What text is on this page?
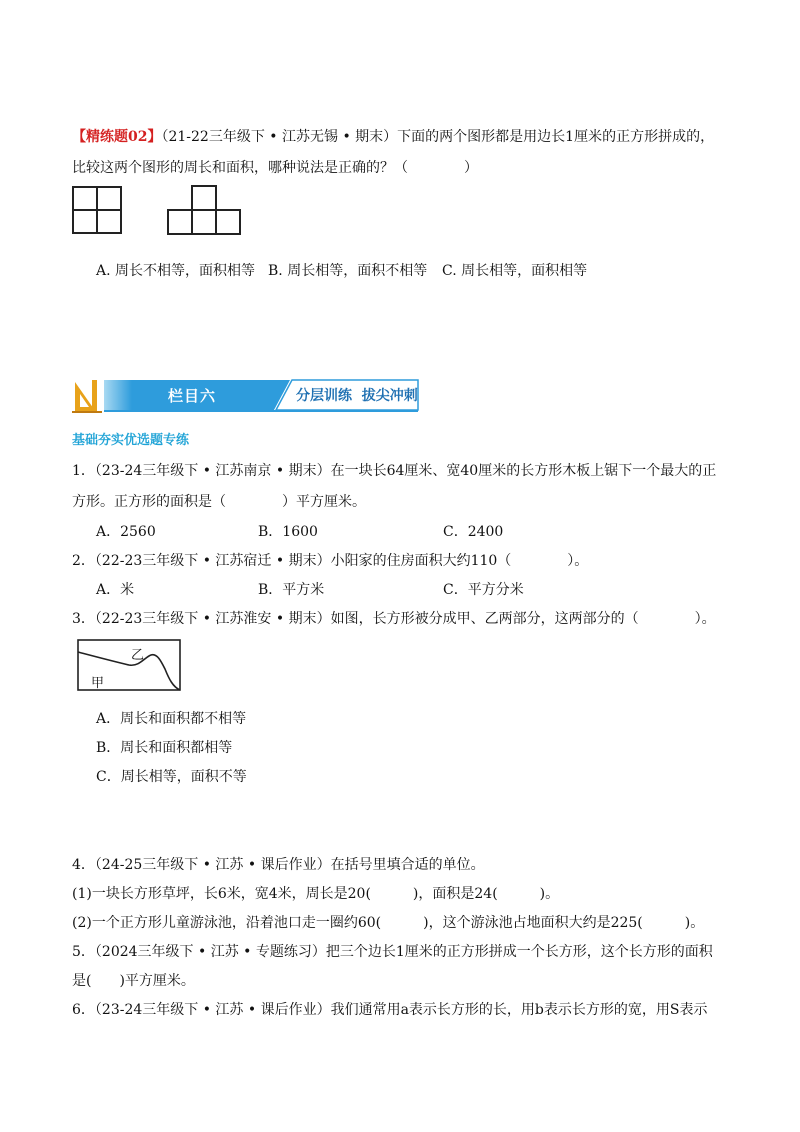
【精练题02】（21-22三年级下 • 江苏无锡 • 期末）下面的两个图形都是用边长1厘米的正方形拼成的，
比较这两个图形的周长和面积，哪种说法是正确的？（　　　　）
A. 周长不相等，面积相等 B. 周长相等，面积不相等 C. 周长相等，面积相等
栏目六	分层训练  拔尖冲刺
基础夯实优选题专练
1．（23-24三年级下 • 江苏南京 • 期末）在一块长64厘米、宽40厘米的长方形木板上锯下一个最大的正
方形。正方形的面积是（　　　　）平方厘米。
A．2560	B．1600	C．2400
2．（22-23三年级下 • 江苏宿迁 • 期末）小阳家的住房面积大约110（　　　　）。
A．米	B．平方米	C．平方分米
3．（22-23三年级下 • 江苏淮安 • 期末）如图，长方形被分成甲、乙两部分，这两部分的（　　　　）。
乙
甲
A．周长和面积都不相等
B．周长和面积都相等
C．周长相等，面积不等
4．（24-25三年级下 • 江苏 • 课后作业）在括号里填合适的单位。
(1)一块长方形草坪，长6米，宽4米，周长是20(　　　)，面积是24(　　　)。
(2)一个正方形儿童游泳池，沿着池口走一圈约60(　　　)，这个游泳池占地面积大约是225(　　　)。
5．（2024三年级下 • 江苏 • 专题练习）把三个边长1厘米的正方形拼成一个长方形，这个长方形的面积
是(　　)平方厘米。
6．（23-24三年级下 • 江苏 • 课后作业）我们通常用a表示长方形的长，用b表示长方形的宽，用S表示
